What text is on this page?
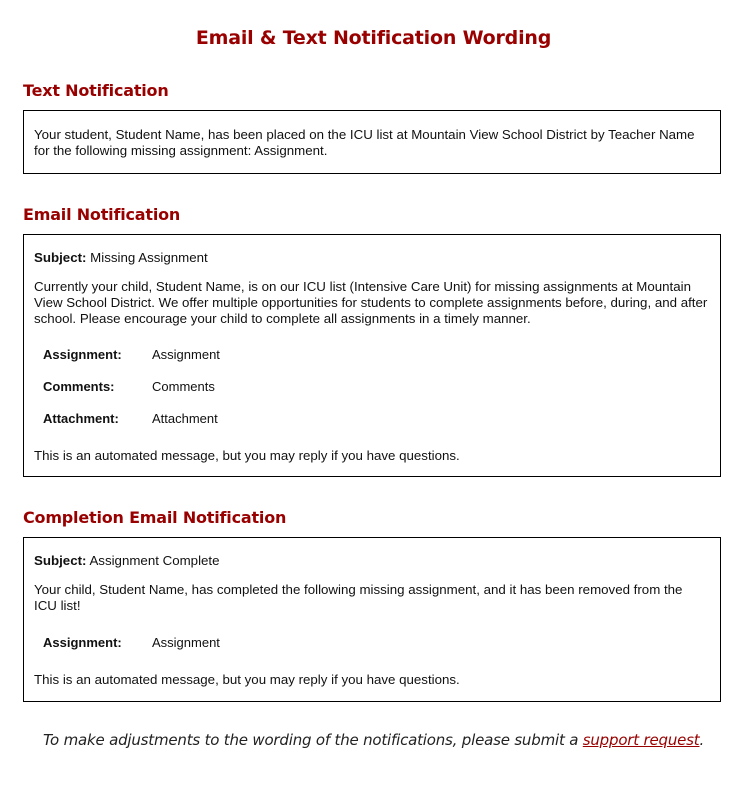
Email & Text Notification Wording
Text Notification
Your student, Student Name, has been placed on the ICU list at Mountain View School District by Teacher Name for the following missing assignment: Assignment.
Email Notification
Subject: Missing Assignment
Currently your child, Student Name, is on our ICU list (Intensive Care Unit) for missing assignments at Mountain View School District. We offer multiple opportunities for students to complete assignments before, during, and after school. Please encourage your child to complete all assignments in a timely manner.
Assignment: Assignment
Comments:	Comments
Attachment:	Attachment
This is an automated message, but you may reply if you have questions.
Completion Email Notification
Subject: Assignment Complete
Your child, Student Name, has completed the following missing assignment, and it has been removed from the ICU list!
Assignment: Assignment
This is an automated message, but you may reply if you have questions.
To make adjustments to the wording of the notifications, please submit a support request.
